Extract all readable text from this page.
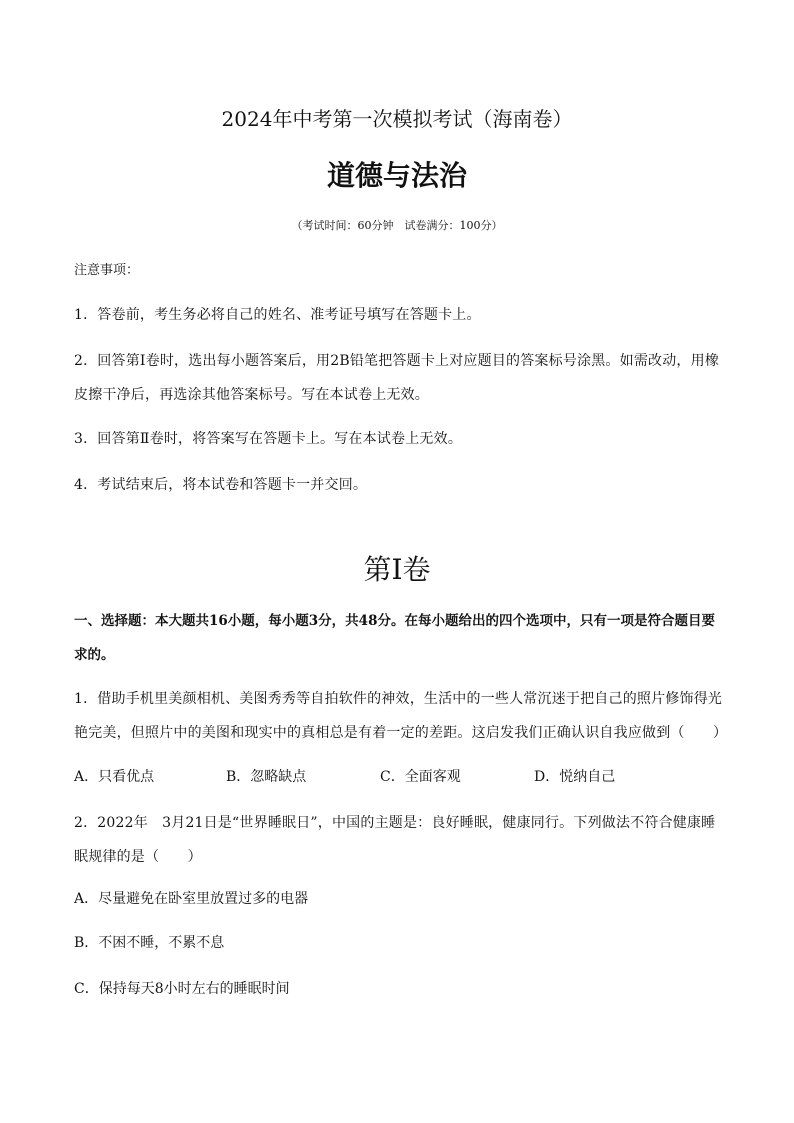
2024年中考第一次模拟考试（海南卷）
道德与法治
（考试时间：60分钟　试卷满分：100分）
注意事项：
1．答卷前，考生务必将自己的姓名、准考证号填写在答题卡上。
2．回答第Ⅰ卷时，选出每小题答案后，用2B铅笔把答题卡上对应题目的答案标号涂黑。如需改动，用橡皮擦干净后，再选涂其他答案标号。写在本试卷上无效。
3．回答第Ⅱ卷时，将答案写在答题卡上。写在本试卷上无效。
4．考试结束后，将本试卷和答题卡一并交回。
第Ⅰ卷
一、选择题：本大题共16小题，每小题3分，共48分。在每小题给出的四个选项中，只有一项是符合题目要求的。
1．借助手机里美颜相机、美图秀秀等自拍软件的神效，生活中的一些人常沉迷于把自己的照片修饰得光艳完美，但照片中的美图和现实中的真相总是有着一定的差距。这启发我们正确认识自我应做到（　　）
A．只看优点	B．忽略缺点	C．全面客观	D．悦纳自己
2．2022年　3月21日是“世界睡眠日”，中国的主题是：良好睡眠，健康同行。下列做法不符合健康睡眠规律的是（　　）
A．尽量避免在卧室里放置过多的电器
B．不困不睡，不累不息
C．保持每天8小时左右的睡眠时间
